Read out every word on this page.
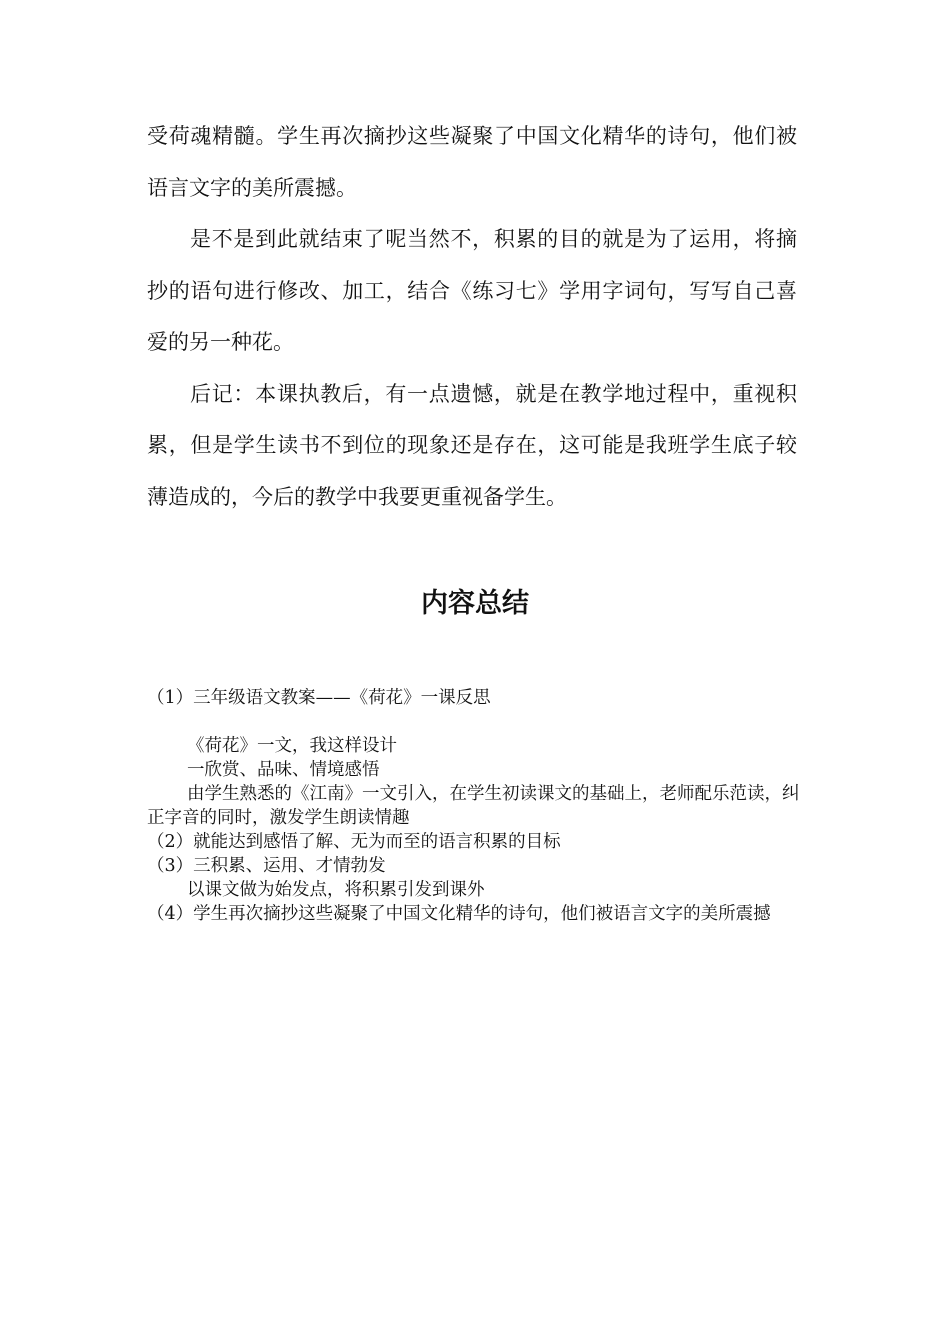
受荷魂精髓。学生再次摘抄这些凝聚了中国文化精华的诗句，他们被语言文字的美所震撼。

是不是到此就结束了呢当然不，积累的目的就是为了运用，将摘抄的语句进行修改、加工，结合《练习七》学用字词句，写写自己喜爱的另一种花。

后记：本课执教后，有一点遗憾，就是在教学地过程中，重视积累，但是学生读书不到位的现象还是存在，这可能是我班学生底子较薄造成的，今后的教学中我要更重视备学生。

内容总结

（1）三年级语文教案——《荷花》一课反思

《荷花》一文，我这样设计

一欣赏、品味、情境感悟

由学生熟悉的《江南》一文引入，在学生初读课文的基础上，老师配乐范读，纠正字音的同时，激发学生朗读情趣

（2）就能达到感悟了解、无为而至的语言积累的目标

（3）三积累、运用、才情勃发

以课文做为始发点，将积累引发到课外

（4）学生再次摘抄这些凝聚了中国文化精华的诗句，他们被语言文字的美所震撼
